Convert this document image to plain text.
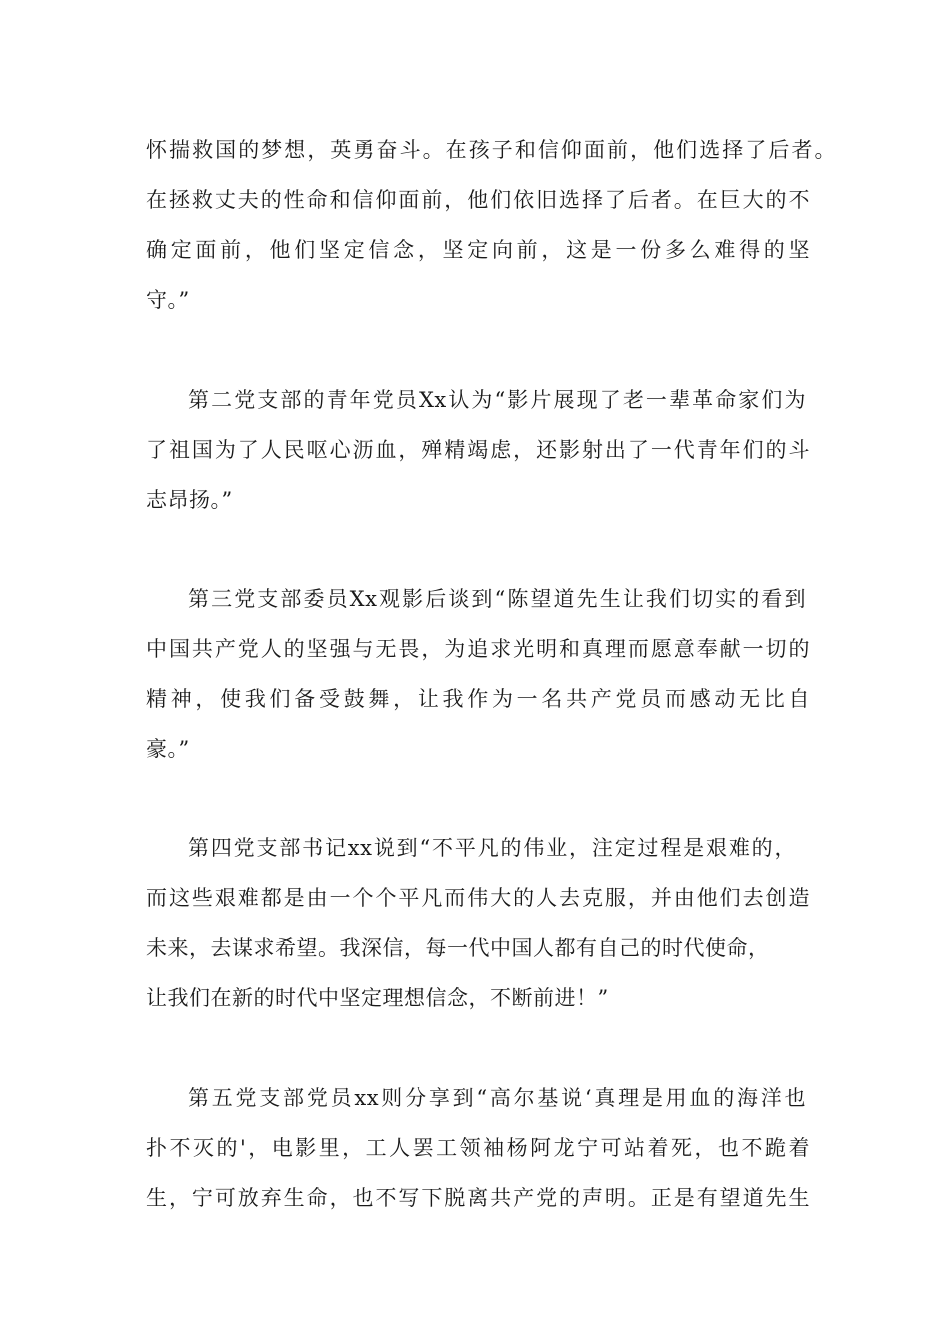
怀揣救国的梦想，英勇奋斗。在孩子和信仰面前，他们选择了后者。
在拯救丈夫的性命和信仰面前，他们依旧选择了后者。在巨大的不
确定面前，他们坚定信念，坚定向前，这是一份多么难得的坚
守。”
第二党支部的青年党员Xx认为“影片展现了老一辈革命家们为
了祖国为了人民呕心沥血，殚精竭虑，还影射出了一代青年们的斗
志昂扬。”
第三党支部委员Xx观影后谈到“陈望道先生让我们切实的看到
中国共产党人的坚强与无畏，为追求光明和真理而愿意奉献一切的
精神，使我们备受鼓舞，让我作为一名共产党员而感动无比自
豪。”
第四党支部书记xx说到“不平凡的伟业，注定过程是艰难的，
而这些艰难都是由一个个平凡而伟大的人去克服，并由他们去创造
未来，去谋求希望。我深信，每一代中国人都有自己的时代使命，
让我们在新的时代中坚定理想信念，不断前进！”
第五党支部党员xx则分享到“高尔基说‘真理是用血的海洋也
扑不灭的'，电影里，工人罢工领袖杨阿龙宁可站着死，也不跪着
生，宁可放弃生命，也不写下脱离共产党的声明。正是有望道先生
